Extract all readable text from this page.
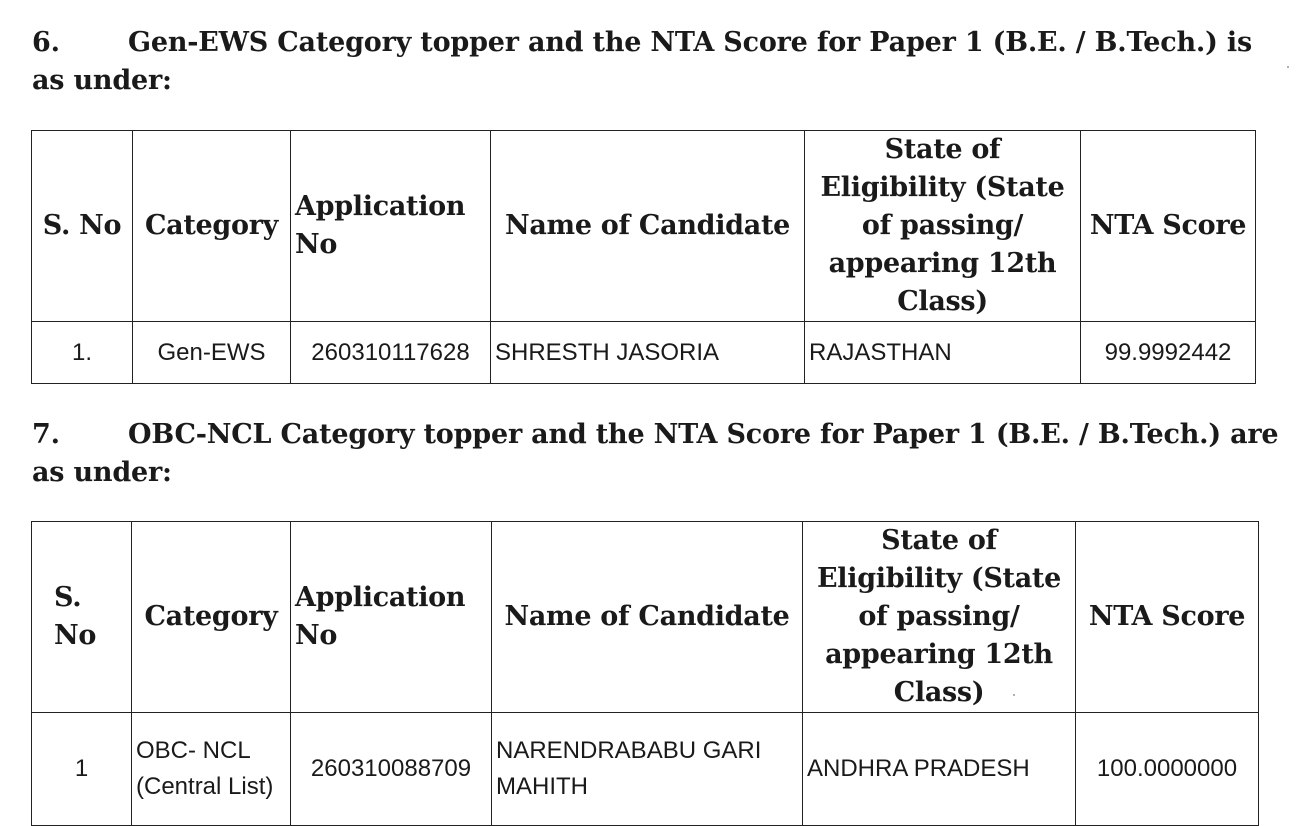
6.	Gen-EWS Category topper and the NTA Score for Paper 1 (B.E. / B.Tech.) is as under:
S. No	Category	Application No	Name of Candidate	State of Eligibility (State of passing/ appearing 12th Class)	NTA Score
1.	Gen-EWS	260310117628	SHRESTH JASORIA	RAJASTHAN	99.9992442
7.	OBC-NCL Category topper and the NTA Score for Paper 1 (B.E. / B.Tech.) are as under:
S. No	Category	Application No	Name of Candidate	State of Eligibility (State of passing/ appearing 12th Class)	NTA Score
1	OBC- NCL (Central List)	260310088709	NARENDRABABU GARI MAHITH	ANDHRA PRADESH	100.0000000
